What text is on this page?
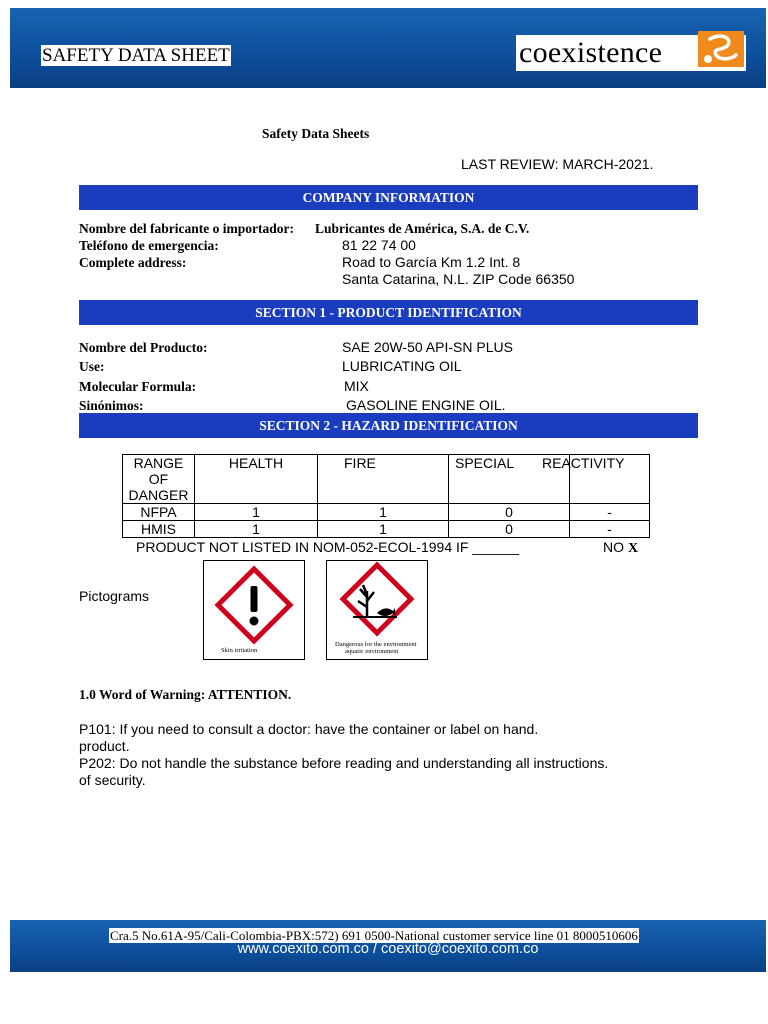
SAFETY DATA SHEET	coexistence
Safety Data Sheets
LAST REVIEW: MARCH-2021.
COMPANY INFORMATION
Nombre del fabricante o importador: Lubricantes de América, S.A. de C.V.
Teléfono de emergencia:	81 22 74 00
Complete address:	Road to García Km 1.2 Int. 8
Santa Catarina, N.L. ZIP Code 66350
SECTION 1 - PRODUCT IDENTIFICATION
Nombre del Producto:	SAE 20W-50 API-SN PLUS
Use:	LUBRICATING OIL
Molecular Formula:	MIX
Sinónimos:	GASOLINE ENGINE OIL.
SECTION 2 - HAZARD IDENTIFICATION
RANGE OF DANGER	HEALTH	FIRE	SPECIAL	REACTIVITY
NFPA	1	1	0	-
HMIS	1	1	0	-
PRODUCT NOT LISTED IN NOM-052-ECOL-1994 IF ______	NO X
Pictograms
Skin irritation
Dangerous for the environment
aquatic environment
1.0 Word of Warning: ATTENTION.
P101: If you need to consult a doctor: have the container or label on hand.
product.
P202: Do not handle the substance before reading and understanding all instructions.
of security.
Cra.5 No.61A-95/Cali-Colombia-PBX:572) 691 0500-National customer service line 01 8000510606
www.coexito.com.co / coexito@coexito.com.co
